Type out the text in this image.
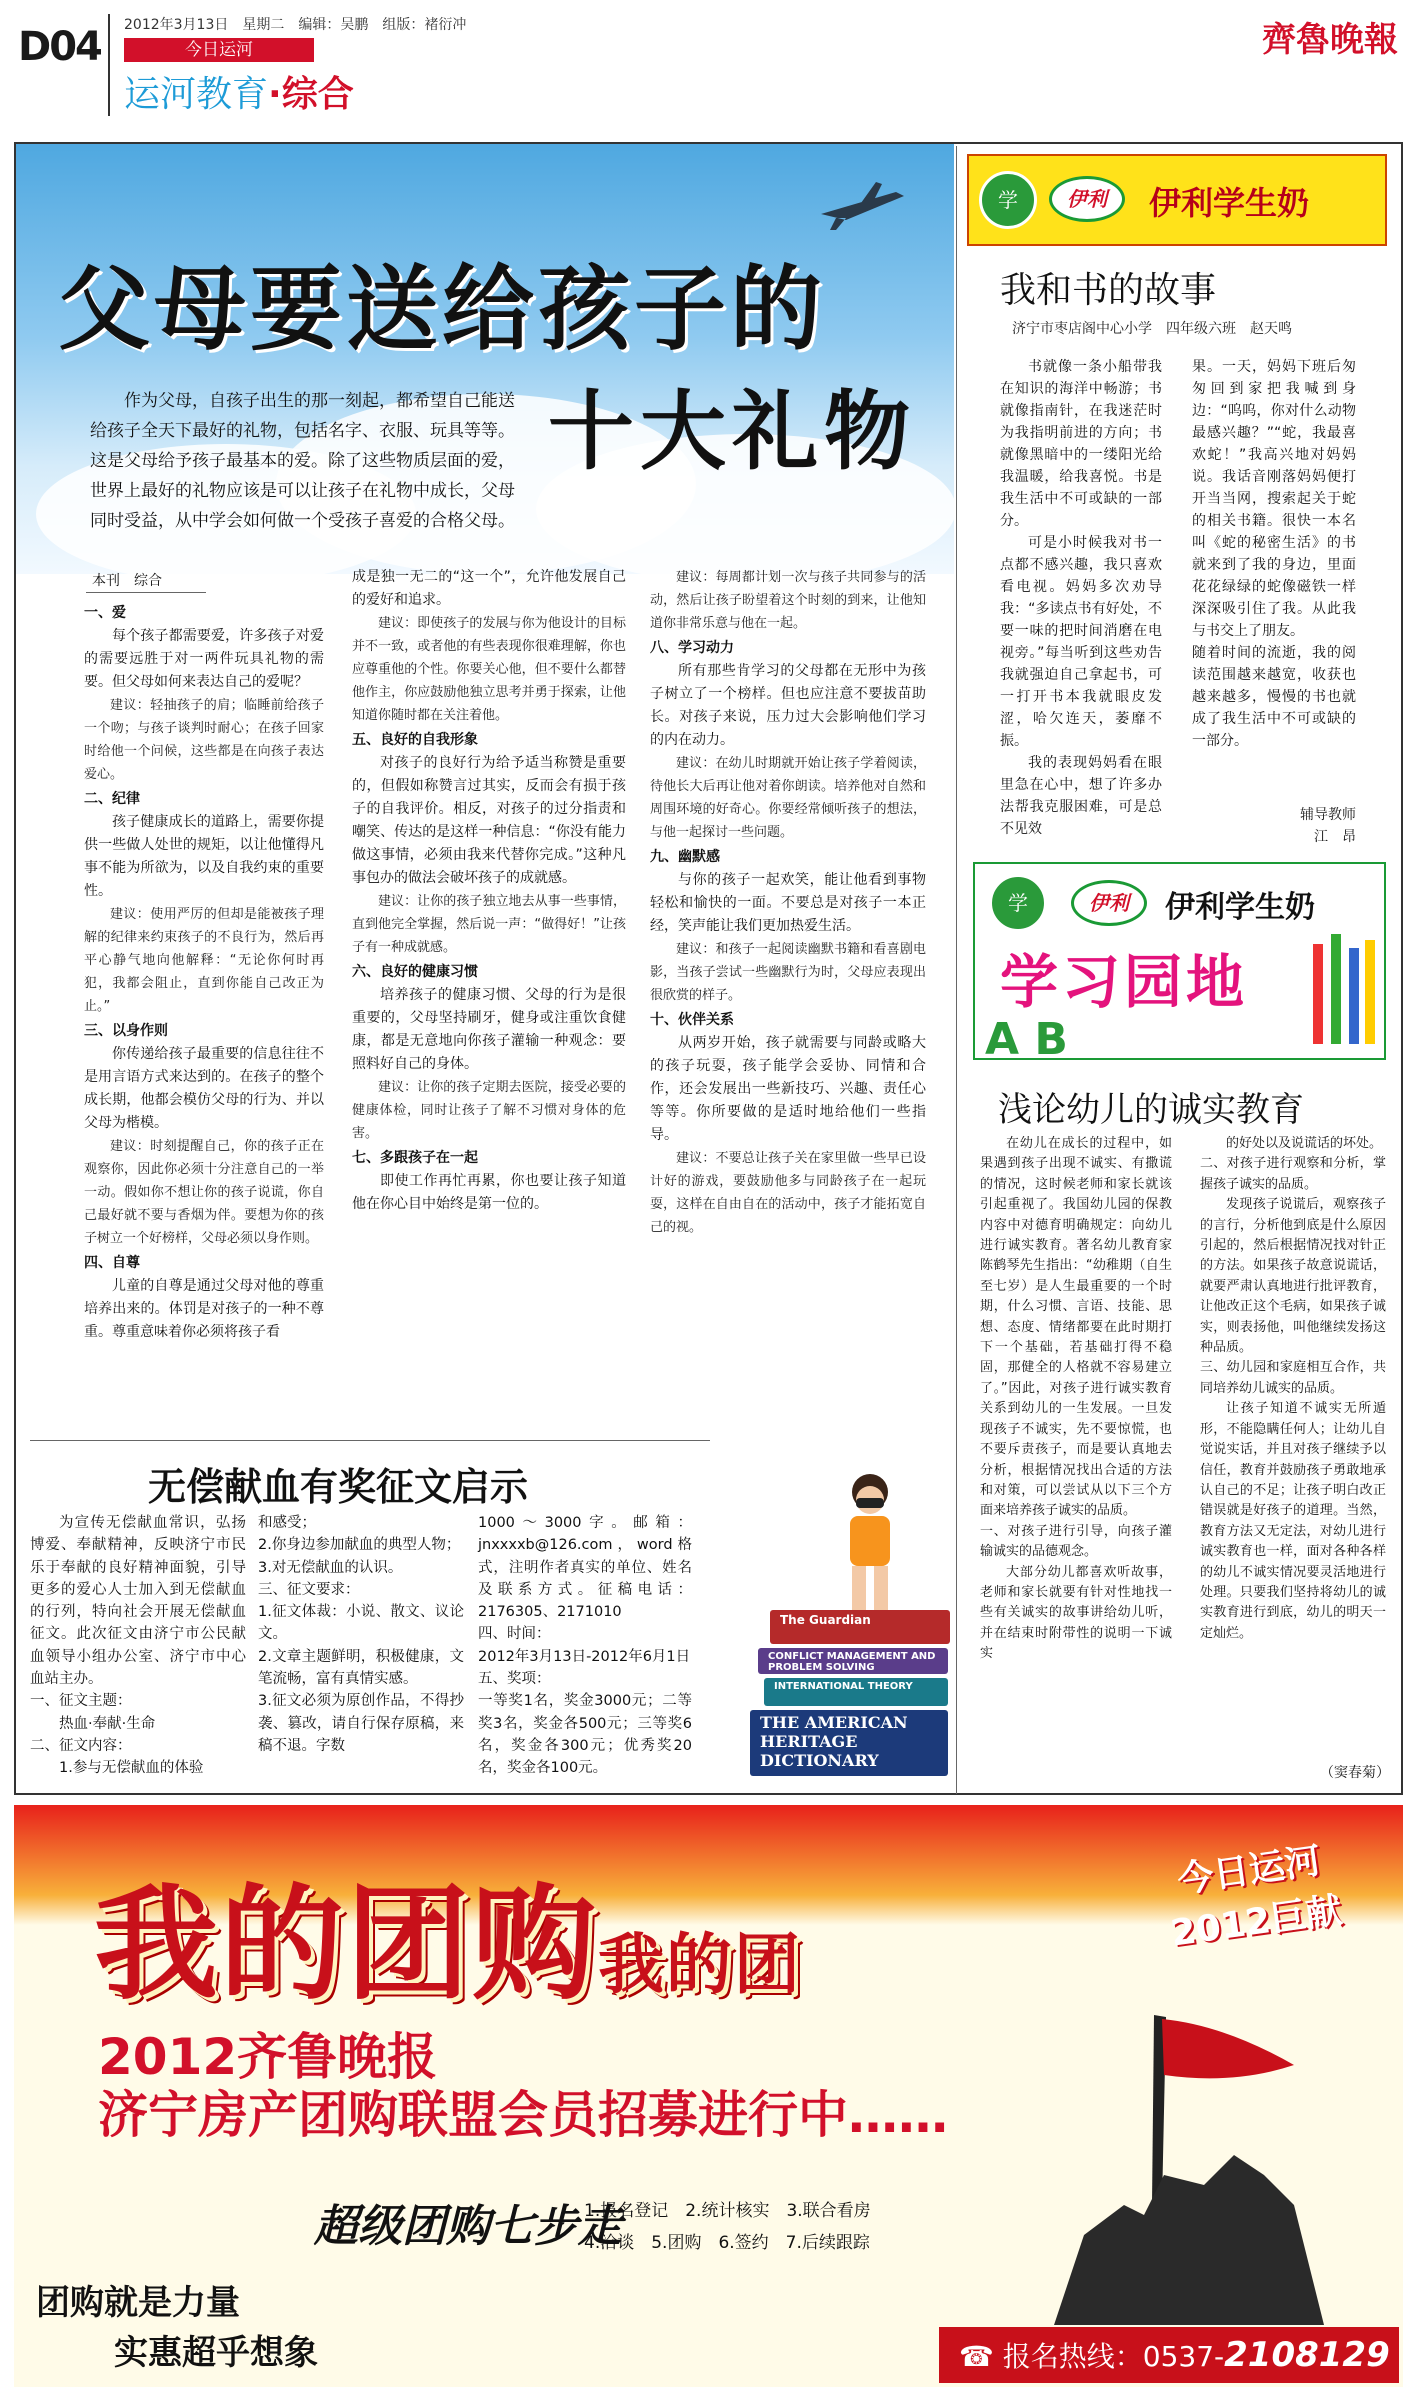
D04 2012年3月13日　星期二　编辑：吴鹏　组版：褚衍冲
今日运河
运河教育·综合
齊魯晚報
父母要送给孩子的
十大礼物

作为父母，自孩子出生的那一刻起，都希望自己能送给孩子全天下最好的礼物，包括名字、衣服、玩具等等。这是父母给予孩子最基本的爱。除了这些物质层面的爱，世界上最好的礼物应该是可以让孩子在礼物中成长，父母同时受益，从中学会如何做一个受孩子喜爱的合格父母。

本刊　综合
一、爱
每个孩子都需要爱，许多孩子对爱的需要远胜于对一两件玩具礼物的需要。但父母如何来表达自己的爱呢？
建议：轻抽孩子的肩；临睡前给孩子一个吻；与孩子谈判时耐心；在孩子回家时给他一个问候，这些都是在向孩子表达爱心。
二、纪律
孩子健康成长的道路上，需要你提供一些做人处世的规矩，以让他懂得凡事不能为所欲为，以及自我约束的重要性。
建议：使用严厉的但却是能被孩子理解的纪律来约束孩子的不良行为，然后再平心静气地向他解释：“无论你何时再犯，我都会阻止，直到你能自己改正为止。”
三、以身作则
你传递给孩子最重要的信息往往不是用言语方式来达到的。在孩子的整个成长期，他都会模仿父母的行为、并以父母为楷模。
建议：时刻提醒自己，你的孩子正在观察你，因此你必须十分注意自己的一举一动。假如你不想让你的孩子说谎，你自己最好就不要与香烟为伴。要想为你的孩子树立一个好榜样，父母必须以身作则。
四、自尊
儿童的自尊是通过父母对他的尊重培养出来的。体罚是对孩子的一种不尊重。尊重意味着你必须将孩子看
成是独一无二的“这一个”，允许他发展自己的爱好和追求。
建议：即使孩子的发展与你为他设计的目标并不一致，或者他的有些表现你很难理解，你也应尊重他的个性。你要关心他，但不要什么都替他作主，你应鼓励他独立思考并勇于探索，让他知道你随时都在关注着他。
五、良好的自我形象
对孩子的良好行为给予适当称赞是重要的，但假如称赞言过其实，反而会有损于孩子的自我评价。相反，对孩子的过分指责和嘲笑、传达的是这样一种信息：“你没有能力做这事情，必须由我来代替你完成。”这种凡事包办的做法会破坏孩子的成就感。
建议：让你的孩子独立地去从事一些事情，直到他完全掌握，然后说一声：“做得好！”让孩子有一种成就感。
六、良好的健康习惯
培养孩子的健康习惯、父母的行为是很重要的，父母坚持刷牙，健身或注重饮食健康，都是无意地向你孩子灌输一种观念：要照料好自己的身体。
建议：让你的孩子定期去医院，接受必要的健康体检，同时让孩子了解不习惯对身体的危害。
七、多跟孩子在一起
即使工作再忙再累，你也要让孩子知道他在你心目中始终是第一位的。
建议：每周都计划一次与孩子共同参与的活动，然后让孩子盼望着这个时刻的到来，让他知道你非常乐意与他在一起。
八、学习动力
所有那些肯学习的父母都在无形中为孩子树立了一个榜样。但也应注意不要拔苗助长。对孩子来说，压力过大会影响他们学习的内在动力。
建议：在幼儿时期就开始让孩子学着阅读，待他长大后再让他对着你朗读。培养他对自然和周围环境的好奇心。你要经常倾听孩子的想法，与他一起探讨一些问题。
九、幽默感
与你的孩子一起欢笑，能让他看到事物轻松和愉快的一面。不要总是对孩子一本正经，笑声能让我们更加热爱生活。
建议：和孩子一起阅读幽默书籍和看喜剧电影，当孩子尝试一些幽默行为时，父母应表现出很欣赏的样子。
十、伙伴关系
从两岁开始，孩子就需要与同龄或略大的孩子玩耍，孩子能学会妥协、同情和合作，还会发展出一些新技巧、兴趣、责任心等等。你所要做的是适时地给他们一些指导。
建议：不要总让孩子关在家里做一些早已设计好的游戏，要鼓励他多与同龄孩子在一起玩耍，这样在自由自在的活动中，孩子才能拓宽自己的视。
学	伊利	伊利学生奶
我和书的故事
济宁市枣店阁中心小学　四年级六班　赵天鸣
书就像一条小船带我在知识的海洋中畅游；书就像指南针，在我迷茫时为我指明前进的方向；书就像黑暗中的一缕阳光给我温暖，给我喜悦。书是我生活中不可或缺的一部分。
可是小时候我对书一点都不感兴趣，我只喜欢看电视。妈妈多次劝导我：“多读点书有好处，不要一味的把时间消磨在电视旁。”每当听到这些劝告我就强迫自己拿起书，可一打开书本我就眼皮发涩，哈欠连天，萎靡不振。
我的表现妈妈看在眼里急在心中，想了许多办法帮我克服困难，可是总不见效
果。一天，妈妈下班后匆匆回到家把我喊到身边：“呜呜，你对什么动物最感兴趣？”“蛇，我最喜欢蛇！”我高兴地对妈妈说。我话音刚落妈妈便打开当当网，搜索起关于蛇的相关书籍。很快一本名叫《蛇的秘密生活》的书就来到了我的身边，里面花花绿绿的蛇像磁铁一样深深吸引住了我。从此我与书交上了朋友。
随着时间的流逝，我的阅读范围越来越宽，收获也越来越多，慢慢的书也就成了我生活中不可或缺的一部分。
辅导教师
江　昂
学	伊利	伊利学生奶
A B
学习园地
浅论幼儿的诚实教育
在幼儿在成长的过程中，如果遇到孩子出现不诚实、有撒谎的情况，这时候老师和家长就该引起重视了。我国幼儿园的保教内容中对德育明确规定：向幼儿进行诚实教育。著名幼儿教育家陈鹤琴先生指出：“幼稚期（自生至七岁）是人生最重要的一个时期，什么习惯、言语、技能、思想、态度、情绪都要在此时期打下一个基础，若基础打得不稳固，那健全的人格就不容易建立了。”因此，对孩子进行诚实教育关系到幼儿的一生发展。一旦发现孩子不诚实，先不要惊慌，也不要斥责孩子，而是要认真地去分析，根据情况找出合适的方法和对策，可以尝试从以下三个方面来培养孩子诚实的品质。
一、对孩子进行引导，向孩子灌输诚实的品德观念。
大部分幼儿都喜欢听故事，老师和家长就要有针对性地找一些有关诚实的故事讲给幼儿听，并在结束时附带性的说明一下诚实
的好处以及说谎话的坏处。
二、对孩子进行观察和分析，掌握孩子诚实的品质。
发现孩子说谎后，观察孩子的言行，分析他到底是什么原因引起的，然后根据情况找对针正的方法。如果孩子故意说谎话，就要严肃认真地进行批评教育，让他改正这个毛病，如果孩子诚实，则表扬他，叫他继续发扬这种品质。
三、幼儿园和家庭相互合作，共同培养幼儿诚实的品质。
让孩子知道不诚实无所遁形，不能隐瞒任何人；让幼儿自觉说实话，并且对孩子继续予以信任，教育并鼓励孩子勇敢地承认自己的不足；让孩子明白改正错误就是好孩子的道理。当然，教育方法又无定法，对幼儿进行诚实教育也一样，面对各种各样的幼儿不诚实情况要灵活地进行处理。只要我们坚持将幼儿的诚实教育进行到底，幼儿的明天一定灿烂。
（窦春菊）
无偿献血有奖征文启示
为宣传无偿献血常识，弘扬博爱、奉献精神，反映济宁市民乐于奉献的良好精神面貌，引导更多的爱心人士加入到无偿献血的行列，特向社会开展无偿献血征文。此次征文由济宁市公民献血领导小组办公室、济宁市中心血站主办。
一、征文主题：
热血·奉献·生命
二、征文内容：
1.参与无偿献血的体验
和感受；
2.你身边参加献血的典型人物；
3.对无偿献血的认识。
三、征文要求：
1.征文体裁：小说、散文、议论文。
2.文章主题鲜明，积极健康，文笔流畅，富有真情实感。
3.征文必须为原创作品，不得抄袭、篡改，请自行保存原稿，来稿不退。字数
1000～3000字。邮箱：jnxxxxb@126.com，word格式，注明作者真实的单位、姓名及联系方式。征稿电话：2176305、2171010
四、时间：
2012年3月13日-2012年6月1日
五、奖项：
一等奖1名，奖金3000元；二等奖3名，奖金各500元；三等奖6名，奖金各300元；优秀奖20名，奖金各100元。
The Guardian
CONFLICT MANAGEMENT AND PROBLEM SOLVING
INTERNATIONAL THEORY
THE AMERICAN HERITAGE DICTIONARY
我的团购我的团
今日运河
2012巨献
2012齐鲁晚报
济宁房产团购联盟会员招募进行中……
超级团购七步走
1.报名登记　2.统计核实　3.联合看房
4.洽谈　5.团购　6.签约　7.后续跟踪
团购就是力量
实惠超乎想象	☎ 报名热线：0537-2108129
